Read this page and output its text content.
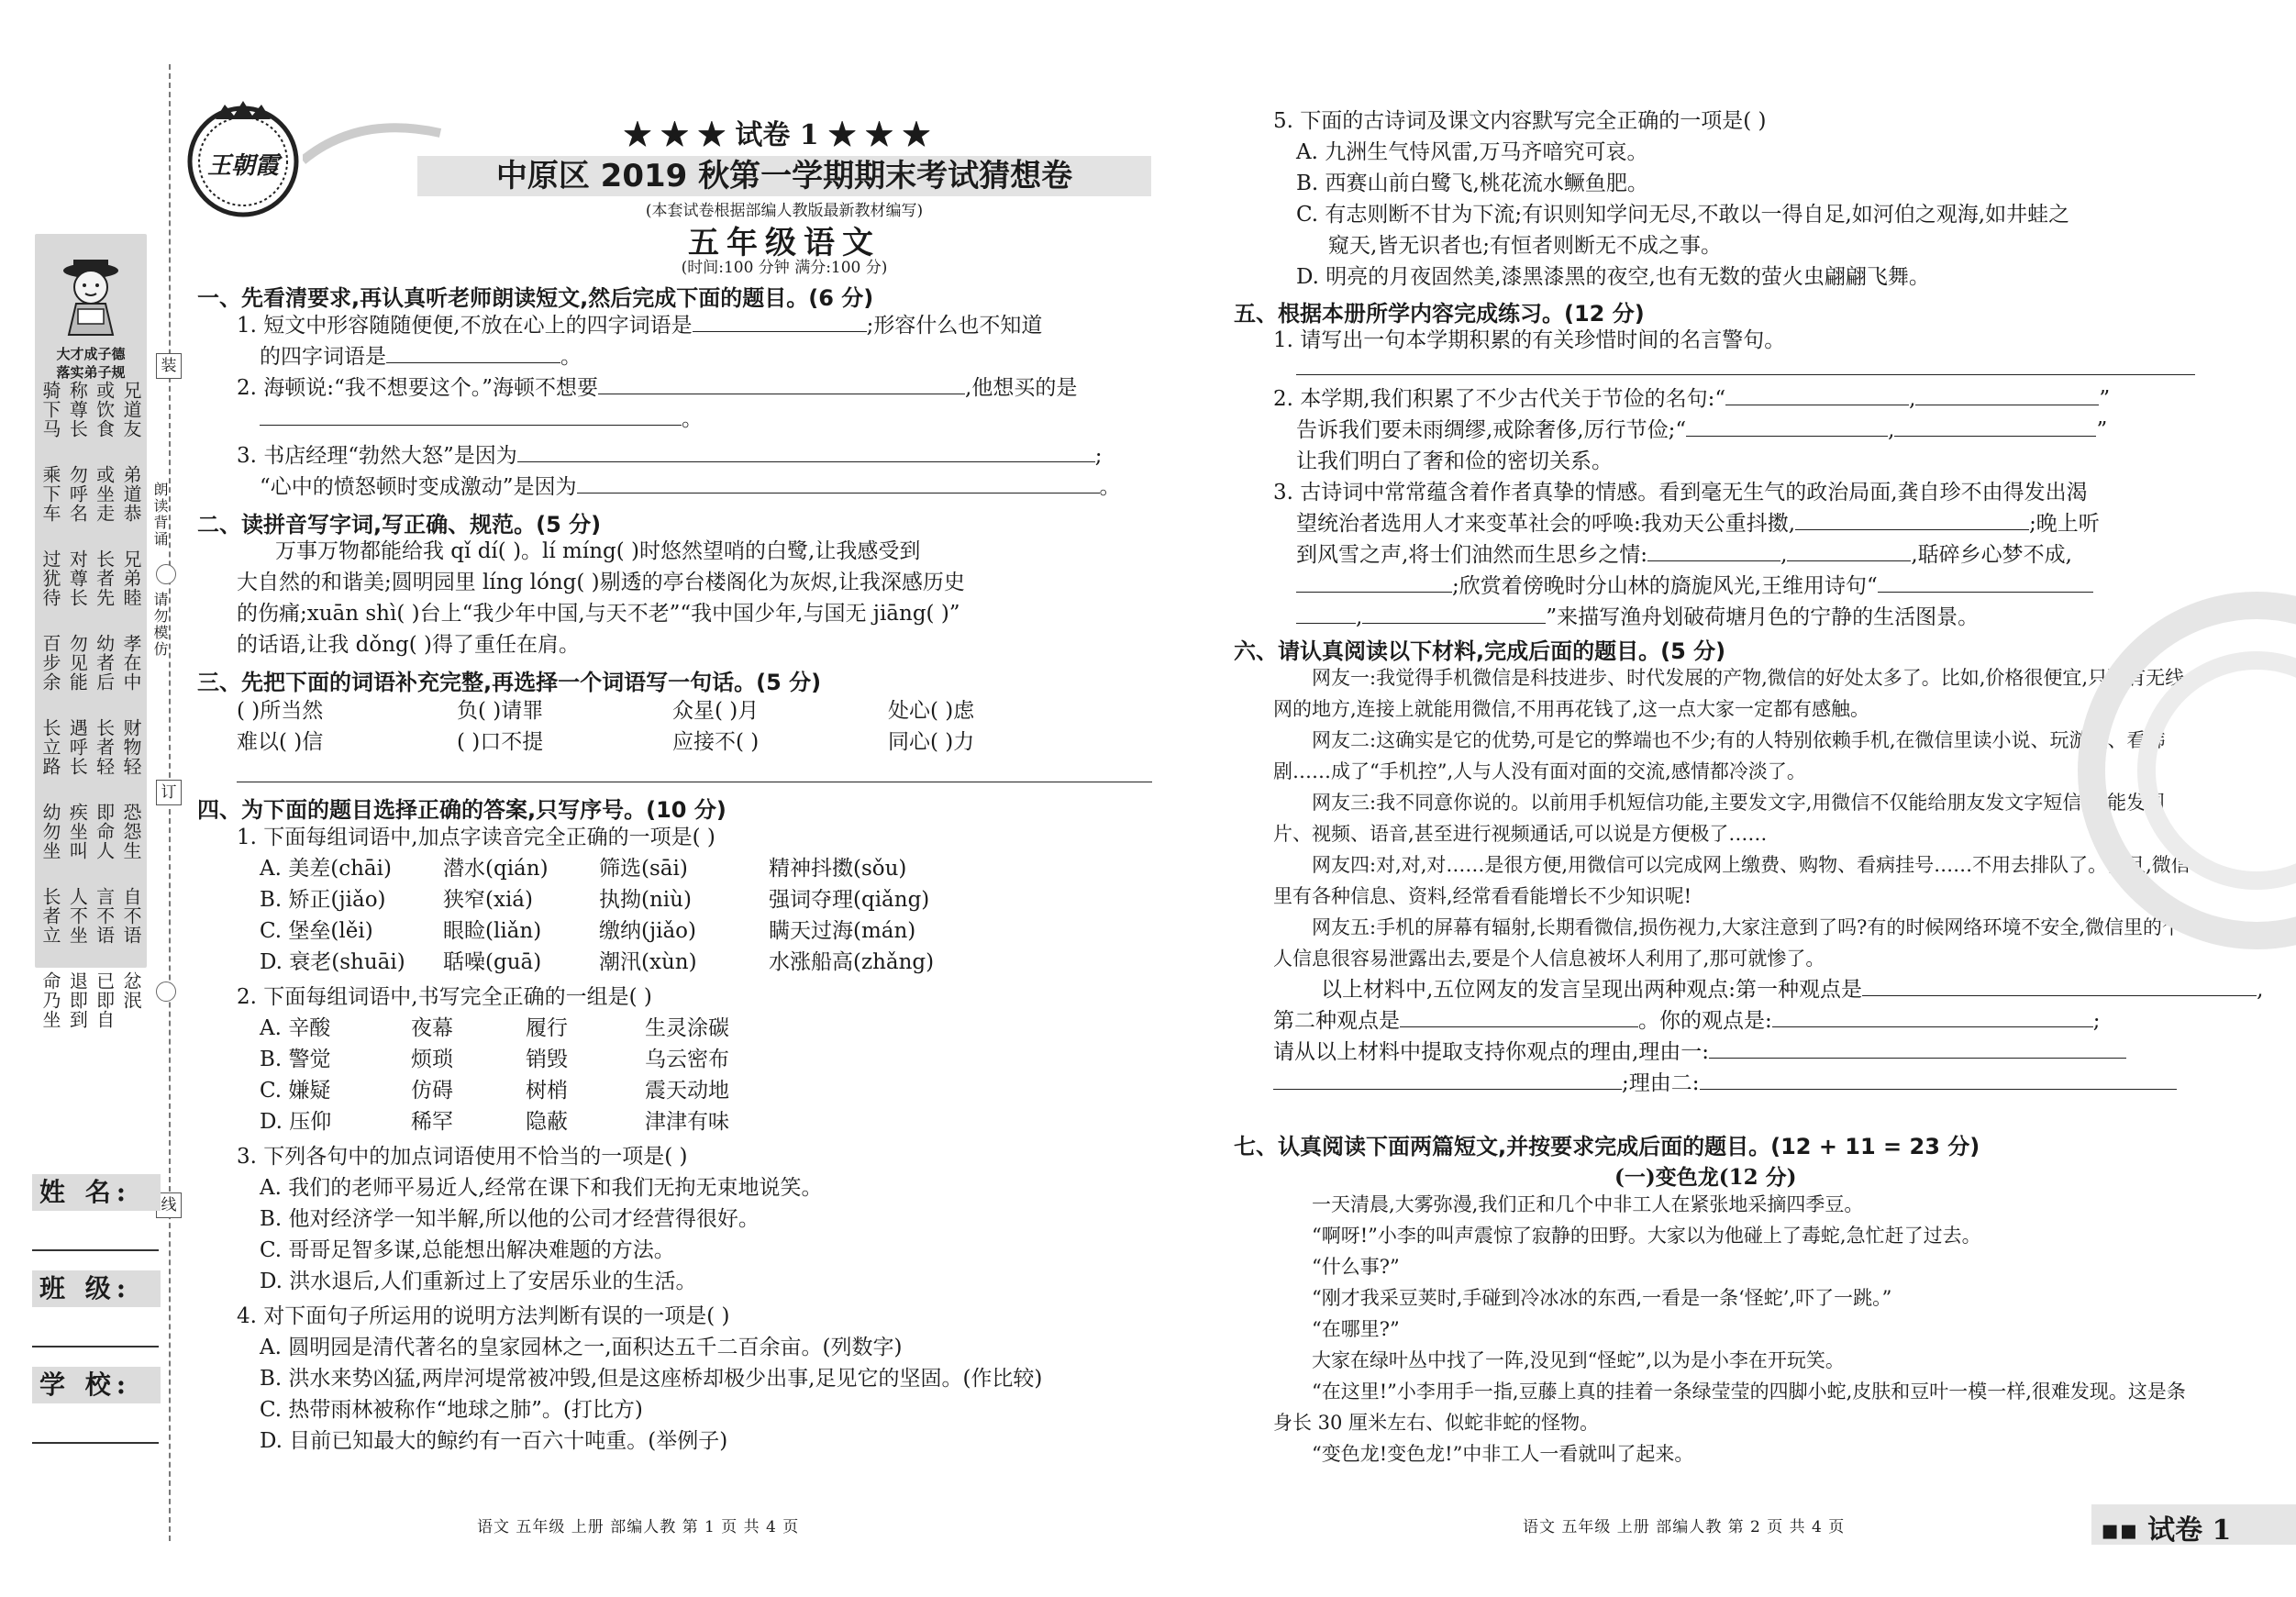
装
订
线
朗读背诵
请勿模仿
大才成子德
落实弟子规
兄道友
或饮食
称尊长
骑下马
弟道恭
或坐走
勿呼名
乘下车
兄弟睦
长者先
对尊长
过犹待
孝在中
幼者后
勿见能
百步余
财物轻
长者轻
遇呼长
长立路
恐怨生
即命人
疾坐叫
幼勿坐
自不语
言不语
人不坐
长者立
忿泯
已即自
退即到
命乃坐
姓 名:
班 级:
学 校:
王朝霞
★ ★ ★ 试卷 1 ★ ★ ★
中原区 2019 秋第一学期期末考试猜想卷
(本套试卷根据部编人教版最新教材编写)
五年级语文
(时间:100 分钟 满分:100 分)
一、先看清要求,再认真听老师朗读短文,然后完成下面的题目。(6 分)
1. 短文中形容随随便便,不放在心上的四字词语是	;形容什么也不知道
的四字词语是	。
2. 海顿说:“我不想要这个。”海顿不想要	,他想买的是
。
3. 书店经理“勃然大怒”是因为	;
“心中的愤怒顿时变成激动”是因为	。
二、读拼音写字词,写正确、规范。(5 分)
万事万物都能给我 qǐ dí( )。lí míng( )时悠然望哨的白鹭,让我感受到
大自然的和谐美;圆明园里 líng lóng( )剔透的亭台楼阁化为灰烬,让我深感历史
的伤痛;xuān shì( )台上“我少年中国,与天不老”“我中国少年,与国无 jiāng( )”
的话语,让我 dǒng( )得了重任在肩。
三、先把下面的词语补充完整,再选择一个词语写一句话。(5 分)
( )所当然	负( )请罪	众星( )月	处心( )虑
难以( )信	( )口不提	应接不( )	同心( )力
四、为下面的题目选择正确的答案,只写序号。(10 分)
1. 下面每组词语中,加点字读音完全正确的一项是( )
A. 美差(chāi)	潜水(qián)	筛选(sāi)	精神抖擞(sǒu)
B. 矫正(jiǎo)	狭窄(xiá)	执拗(niù)	强词夺理(qiǎng)
C. 堡垒(lěi)	眼睑(liǎn)	缴纳(jiǎo)	瞒天过海(mán)
D. 衰老(shuāi)	聒噪(guā)	潮汛(xùn)	水涨船高(zhǎng)
2. 下面每组词语中,书写完全正确的一组是( )
A. 辛酸	夜幕	履行	生灵涂碳
B. 警觉	烦琐	销毁	乌云密布
C. 嫌疑	仿碍	树梢	震天动地
D. 压仰	稀罕	隐蔽	津津有味
3. 下列各句中的加点词语使用不恰当的一项是( )
A. 我们的老师平易近人,经常在课下和我们无拘无束地说笑。
B. 他对经济学一知半解,所以他的公司才经营得很好。
C. 哥哥足智多谋,总能想出解决难题的方法。
D. 洪水退后,人们重新过上了安居乐业的生活。
4. 对下面句子所运用的说明方法判断有误的一项是( )
A. 圆明园是清代著名的皇家园林之一,面积达五千二百余亩。(列数字)
B. 洪水来势凶猛,两岸河堤常被冲毁,但是这座桥却极少出事,足见它的坚固。(作比较)
C. 热带雨林被称作“地球之肺”。(打比方)
D. 目前已知最大的鲸约有一百六十吨重。(举例子)
语文 五年级 上册 部编人教 第 1 页 共 4 页
5. 下面的古诗词及课文内容默写完全正确的一项是( )
A. 九洲生气恃风雷,万马齐喑究可哀。
B. 西赛山前白鹭飞,桃花流水鳜鱼肥。
C. 有志则断不甘为下流;有识则知学问无尽,不敢以一得自足,如河伯之观海,如井蛙之
窥天,皆无识者也;有恒者则断无不成之事。
D. 明亮的月夜固然美,漆黑漆黑的夜空,也有无数的萤火虫翩翩飞舞。
五、根据本册所学内容完成练习。(12 分)
1. 请写出一句本学期积累的有关珍惜时间的名言警句。
2. 本学期,我们积累了不少古代关于节俭的名句:“	,	”
告诉我们要未雨绸缪,戒除奢侈,厉行节俭;“	,	”
让我们明白了奢和俭的密切关系。
3. 古诗词中常常蕴含着作者真挚的情感。看到毫无生气的政治局面,龚自珍不由得发出渴
望统治者选用人才来变革社会的呼唤:我劝天公重抖擞,	;晚上听
到风雪之声,将士们油然而生思乡之情:	,	,聒碎乡心梦不成,
;欣赏着傍晚时分山林的旖旎风光,王维用诗句“
,	”来描写渔舟划破荷塘月色的宁静的生活图景。
六、请认真阅读以下材料,完成后面的题目。(5 分)

网友一:我觉得手机微信是科技进步、时代发展的产物,微信的好处太多了。比如,价格很便宜,只要有无线网的地方,连接上就能用微信,不用再花钱了,这一点大家一定都有感触。

网友二:这确实是它的优势,可是它的弊端也不少;有的人特别依赖手机,在微信里读小说、玩游戏、看韩剧……成了“手机控”,人与人没有面对面的交流,感情都冷淡了。

网友三:我不同意你说的。以前用手机短信功能,主要发文字,用微信不仅能给朋友发文字短信,还能发图片、视频、语音,甚至进行视频通话,可以说是方便极了……

网友四:对,对,对……是很方便,用微信可以完成网上缴费、购物、看病挂号……不用去排队了。而且,微信里有各种信息、资料,经常看看能增长不少知识呢!

网友五:手机的屏幕有辐射,长期看微信,损伤视力,大家注意到了吗?有的时候网络环境不安全,微信里的个人信息很容易泄露出去,要是个人信息被坏人利用了,那可就惨了。

以上材料中,五位网友的发言呈现出两种观点:第一种观点是	,
第二种观点是	。你的观点是:	;
请从以上材料中提取支持你观点的理由,理由一:
;理由二:
七、认真阅读下面两篇短文,并按要求完成后面的题目。(12 + 11 = 23 分)
(一)变色龙(12 分)

一天清晨,大雾弥漫,我们正和几个中非工人在紧张地采摘四季豆。

“啊呀!”小李的叫声震惊了寂静的田野。大家以为他碰上了毒蛇,急忙赶了过去。

“什么事?”

“刚才我采豆荚时,手碰到冷冰冰的东西,一看是一条‘怪蛇’,吓了一跳。”

“在哪里?”

大家在绿叶丛中找了一阵,没见到“怪蛇”,以为是小李在开玩笑。

“在这里!”小李用手一指,豆藤上真的挂着一条绿莹莹的四脚小蛇,皮肤和豆叶一模一样,很难发现。这是条身长 30 厘米左右、似蛇非蛇的怪物。

“变色龙!变色龙!”中非工人一看就叫了起来。

语文 五年级 上册 部编人教 第 2 页 共 4 页	▪▪ 试卷 1
